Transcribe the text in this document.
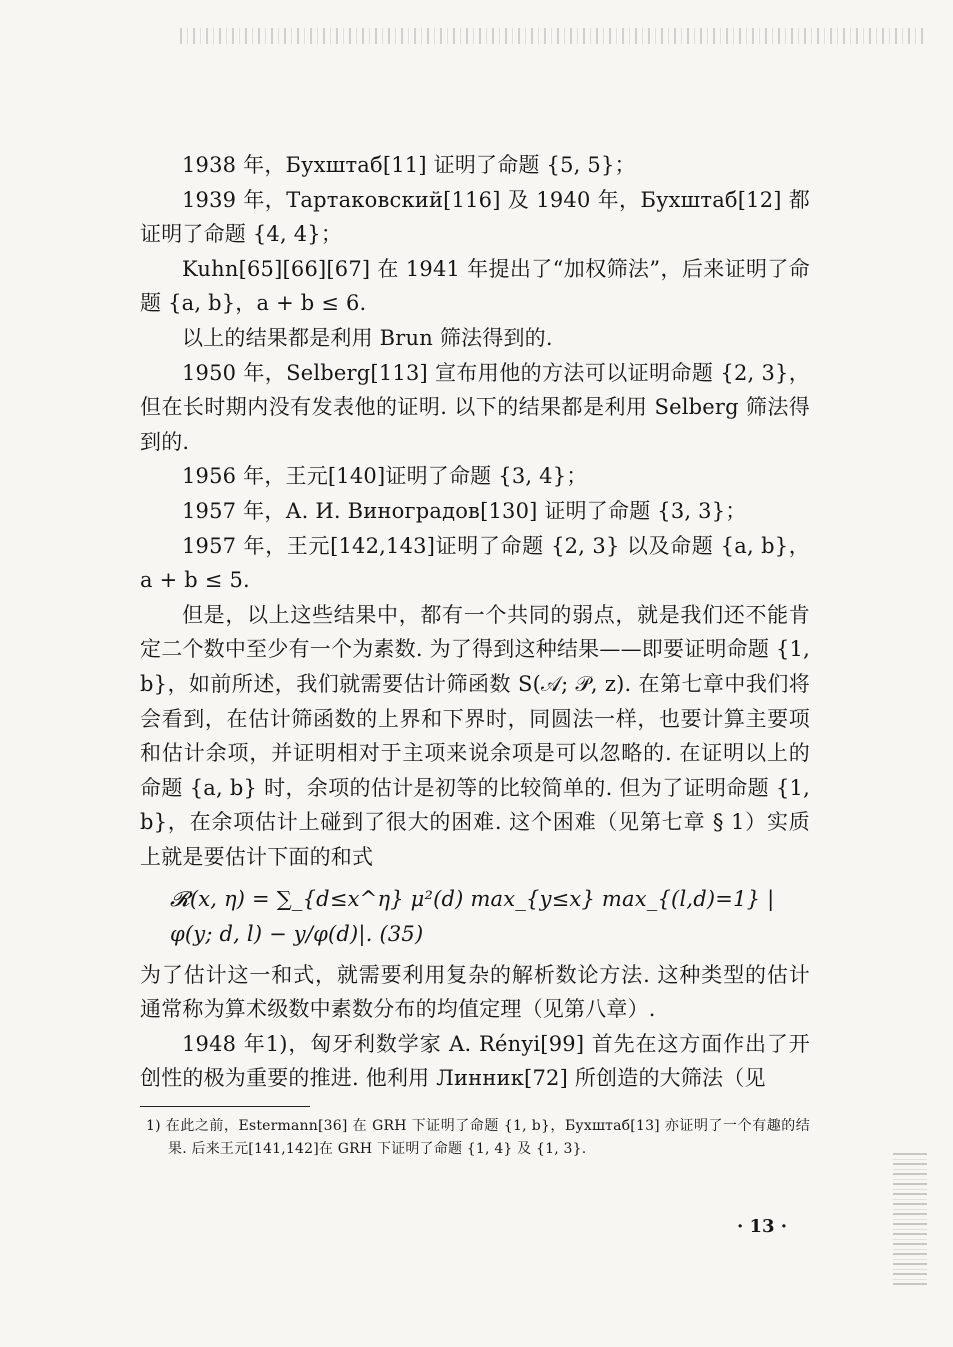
1938 年，Бухштаб[11] 证明了命题 {5, 5}；

1939 年，Тартаковский[116] 及 1940 年，Бухштаб[12] 都证明了命题 {4, 4}；

Kuhn[65][66][67] 在 1941 年提出了“加权筛法”，后来证明了命题 {a, b}，a + b ≤ 6.

以上的结果都是利用 Brun 筛法得到的.

1950 年，Selberg[113] 宣布用他的方法可以证明命题 {2, 3}，但在长时期内没有发表他的证明. 以下的结果都是利用 Selberg 筛法得到的.

1956 年，王元[140]证明了命题 {3, 4}；

1957 年，А. И. Виноградов[130] 证明了命题 {3, 3}；

1957 年，王元[142,143]证明了命题 {2, 3} 以及命题 {a, b}，a + b ≤ 5.

但是，以上这些结果中，都有一个共同的弱点，就是我们还不能肯定二个数中至少有一个为素数. 为了得到这种结果——即要证明命题 {1, b}，如前所述，我们就需要估计筛函数 S(𝒜; 𝒫, z). 在第七章中我们将会看到，在估计筛函数的上界和下界时，同圆法一样，也要计算主要项和估计余项，并证明相对于主项来说余项是可以忽略的. 在证明以上的命题 {a, b} 时，余项的估计是初等的比较简单的. 但为了证明命题 {1, b}，在余项估计上碰到了很大的困难. 这个困难（见第七章 § 1）实质上就是要估计下面的和式

𝓡(x, η) = ∑_{d≤x^η} μ²(d) max_{y≤x} max_{(l,d)=1} |φ(y; d, l) − y/φ(d)|. (35)

为了估计这一和式，就需要利用复杂的解析数论方法. 这种类型的估计通常称为算术级数中素数分布的均值定理（见第八章）.

1948 年1)，匈牙利数学家 A. Rényi[99] 首先在这方面作出了开创性的极为重要的推进. 他利用 Линник[72] 所创造的大筛法（见

1) 在此之前，Estermann[36] 在 GRH 下证明了命题 {1, b}，Бухштаб[13] 亦证明了一个有趣的结果. 后来王元[141,142]在 GRH 下证明了命题 {1, 4} 及 {1, 3}.

· 13 ·
